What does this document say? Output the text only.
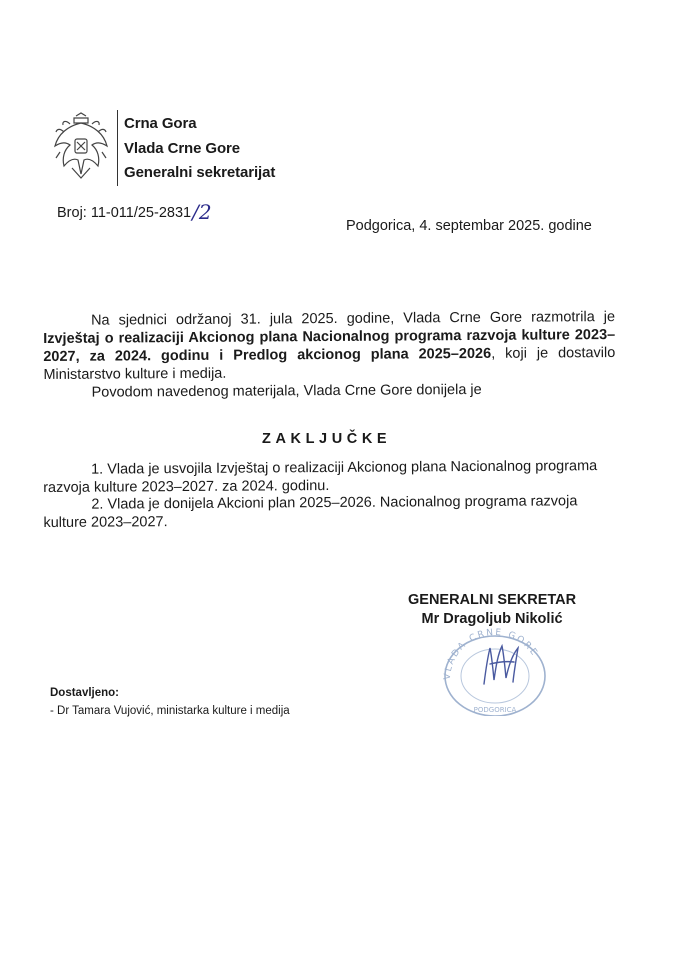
Crna Gora
Vlada Crne Gore
Generalni sekretarijat
Broj: 11-011/25-2831/2
Podgorica, 4. septembar 2025. godine

Na sjednici održanoj 31. jula 2025. godine, Vlada Crne Gore razmotrila je Izvještaj o realizaciji Akcionog plana Nacionalnog programa razvoja kulture 2023–2027, za 2024. godinu i Predlog akcionog plana 2025–2026, koji je dostavilo Ministarstvo kulture i medija.

Povodom navedenog materijala, Vlada Crne Gore donijela je

ZAKLJUČKE

1. Vlada je usvojila Izvještaj o realizaciji Akcionog plana Nacionalnog programa razvoja kulture 2023–2027. za 2024. godinu.

2. Vlada je donijela Akcioni plan 2025–2026. Nacionalnog programa razvoja kulture 2023–2027.

GENERALNI SEKRETAR
Mr Dragoljub Nikolić
VLADA CRNE GORE
PODGORICA
Dostavljeno:
- Dr Tamara Vujović, ministarka kulture i medija
